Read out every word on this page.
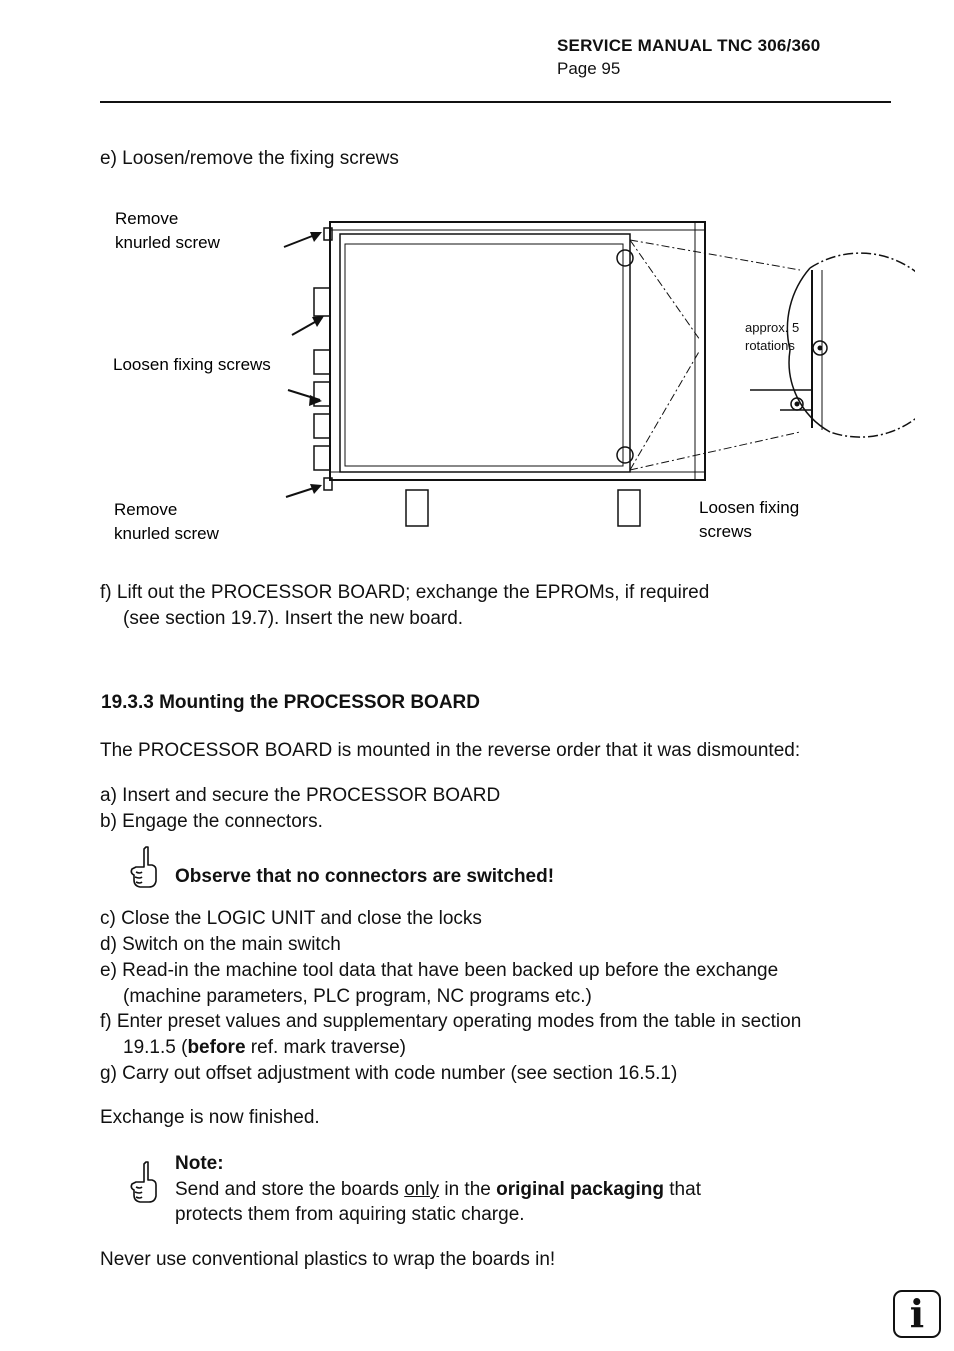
SERVICE MANUAL TNC 306/360
Page 95
e) Loosen/remove the fixing screws
Remove
knurled screw
Loosen fixing screws
Remove
knurled screw
Loosen fixing
screws
approx. 5
rotations
f) Lift out the PROCESSOR BOARD; exchange the EPROMs, if required
(see section 19.7). Insert the new board.
19.3.3 Mounting the PROCESSOR BOARD
The PROCESSOR BOARD is mounted in the reverse order that it was dismounted:
a) Insert and secure the PROCESSOR BOARD
b) Engage the connectors.
Observe that no connectors are switched!
c) Close the LOGIC UNIT and close the locks
d) Switch on the main switch
e) Read-in the machine tool data that have been backed up before the exchange
(machine parameters, PLC program, NC programs etc.)
f) Enter preset values and supplementary operating modes from the table in section
19.1.5 (before ref. mark traverse)
g) Carry out offset adjustment with code number (see section 16.5.1)
Exchange is now finished.
Note:
Send and store the boards only in the original packaging that
protects them from aquiring static charge.
Never use conventional plastics to wrap the boards in!
i
